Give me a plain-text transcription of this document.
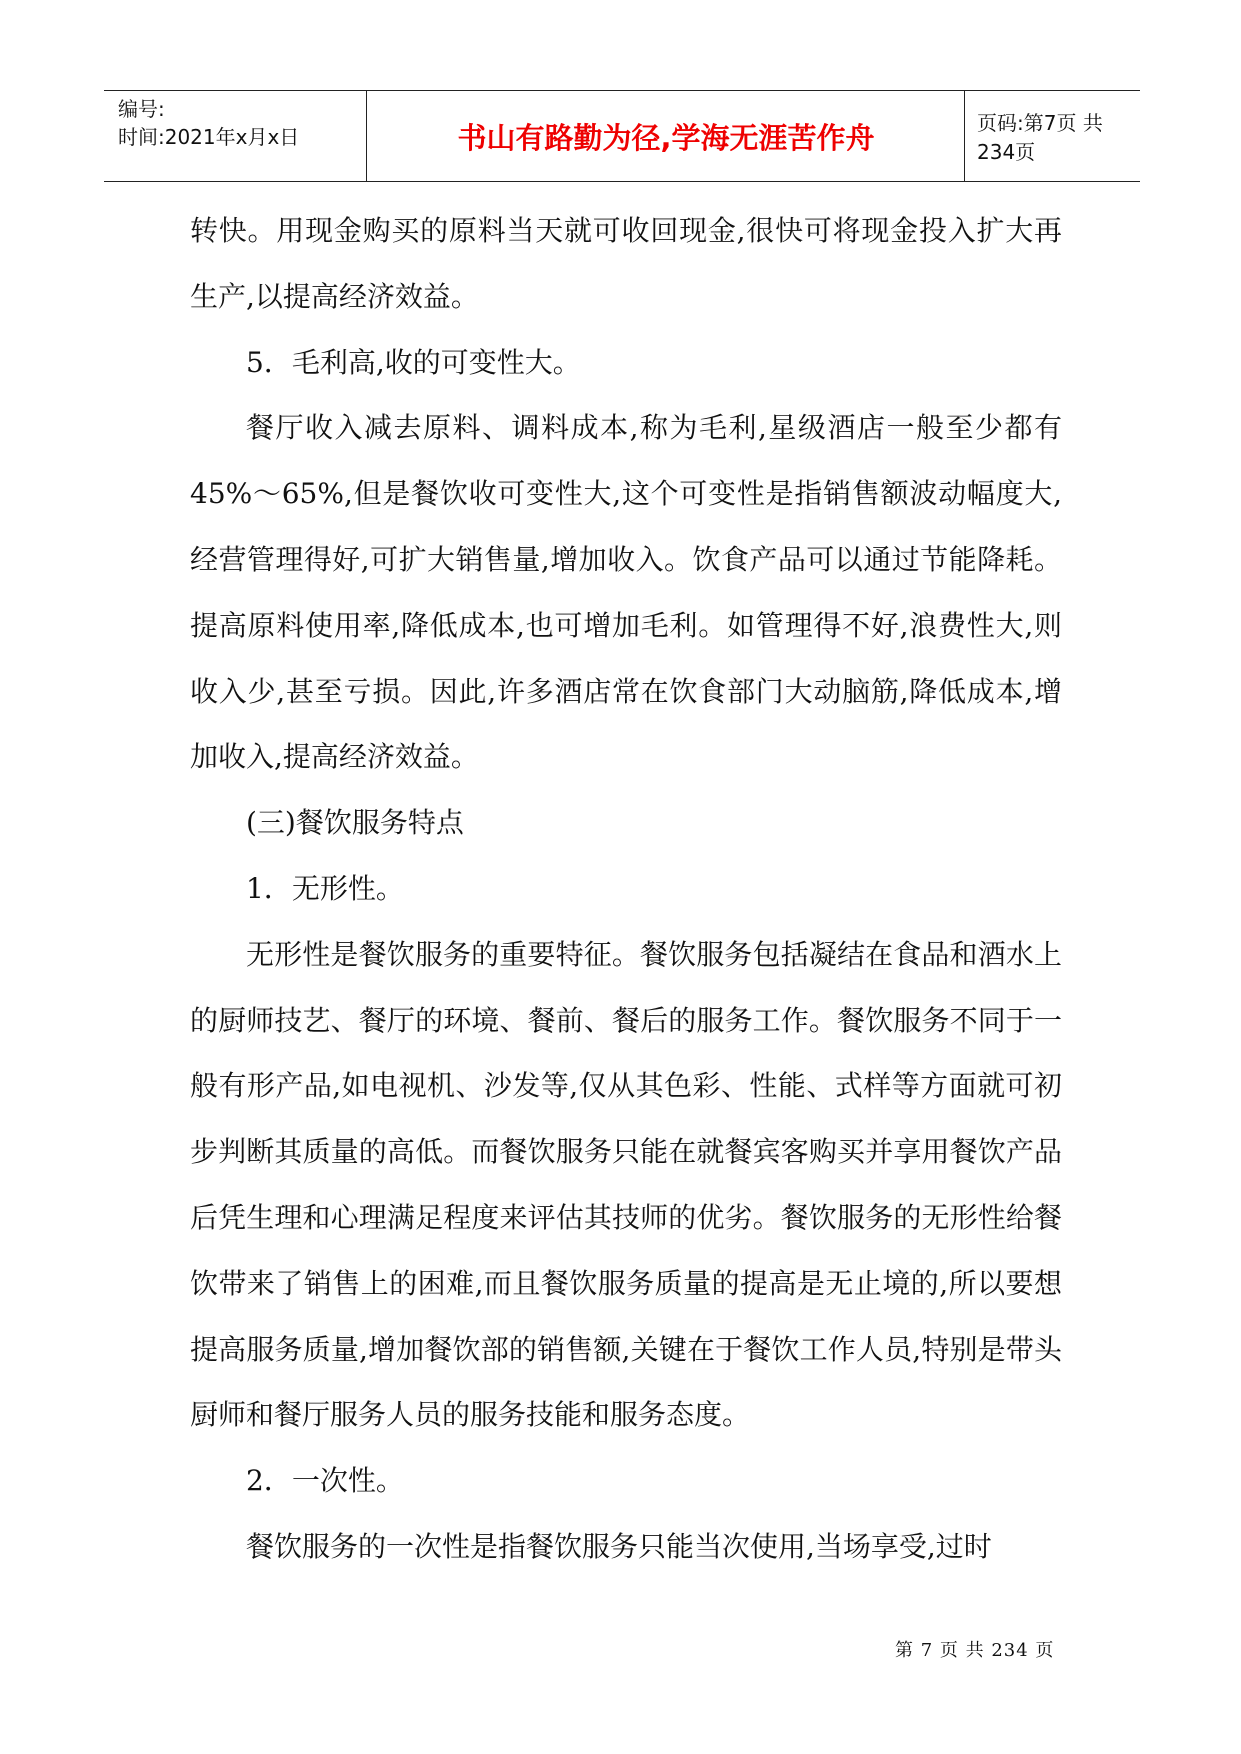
编号:
时间:2021年x月x日	书山有路勤为径,学海无涯苦作舟	页码:第7页 共234页

转快。用现金购买的原料当天就可收回现金,很快可将现金投入扩大再生产,以提高经济效益。

5．毛利高,收的可变性大。

餐厅收入减去原料、调料成本,称为毛利,星级酒店一般至少都有45%～65%,但是餐饮收可变性大,这个可变性是指销售额波动幅度大,经营管理得好,可扩大销售量,增加收入。饮食产品可以通过节能降耗。提高原料使用率,降低成本,也可增加毛利。如管理得不好,浪费性大,则收入少,甚至亏损。因此,许多酒店常在饮食部门大动脑筋,降低成本,增加收入,提高经济效益。

(三)餐饮服务特点

1．无形性。

无形性是餐饮服务的重要特征。餐饮服务包括凝结在食品和酒水上的厨师技艺、餐厅的环境、餐前、餐后的服务工作。餐饮服务不同于一般有形产品,如电视机、沙发等,仅从其色彩、性能、式样等方面就可初步判断其质量的高低。而餐饮服务只能在就餐宾客购买并享用餐饮产品后凭生理和心理满足程度来评估其技师的优劣。餐饮服务的无形性给餐饮带来了销售上的困难,而且餐饮服务质量的提高是无止境的,所以要想提高服务质量,增加餐饮部的销售额,关键在于餐饮工作人员,特别是带头厨师和餐厅服务人员的服务技能和服务态度。

2．一次性。

餐饮服务的一次性是指餐饮服务只能当次使用,当场享受,过时

第 7 页 共 234 页
